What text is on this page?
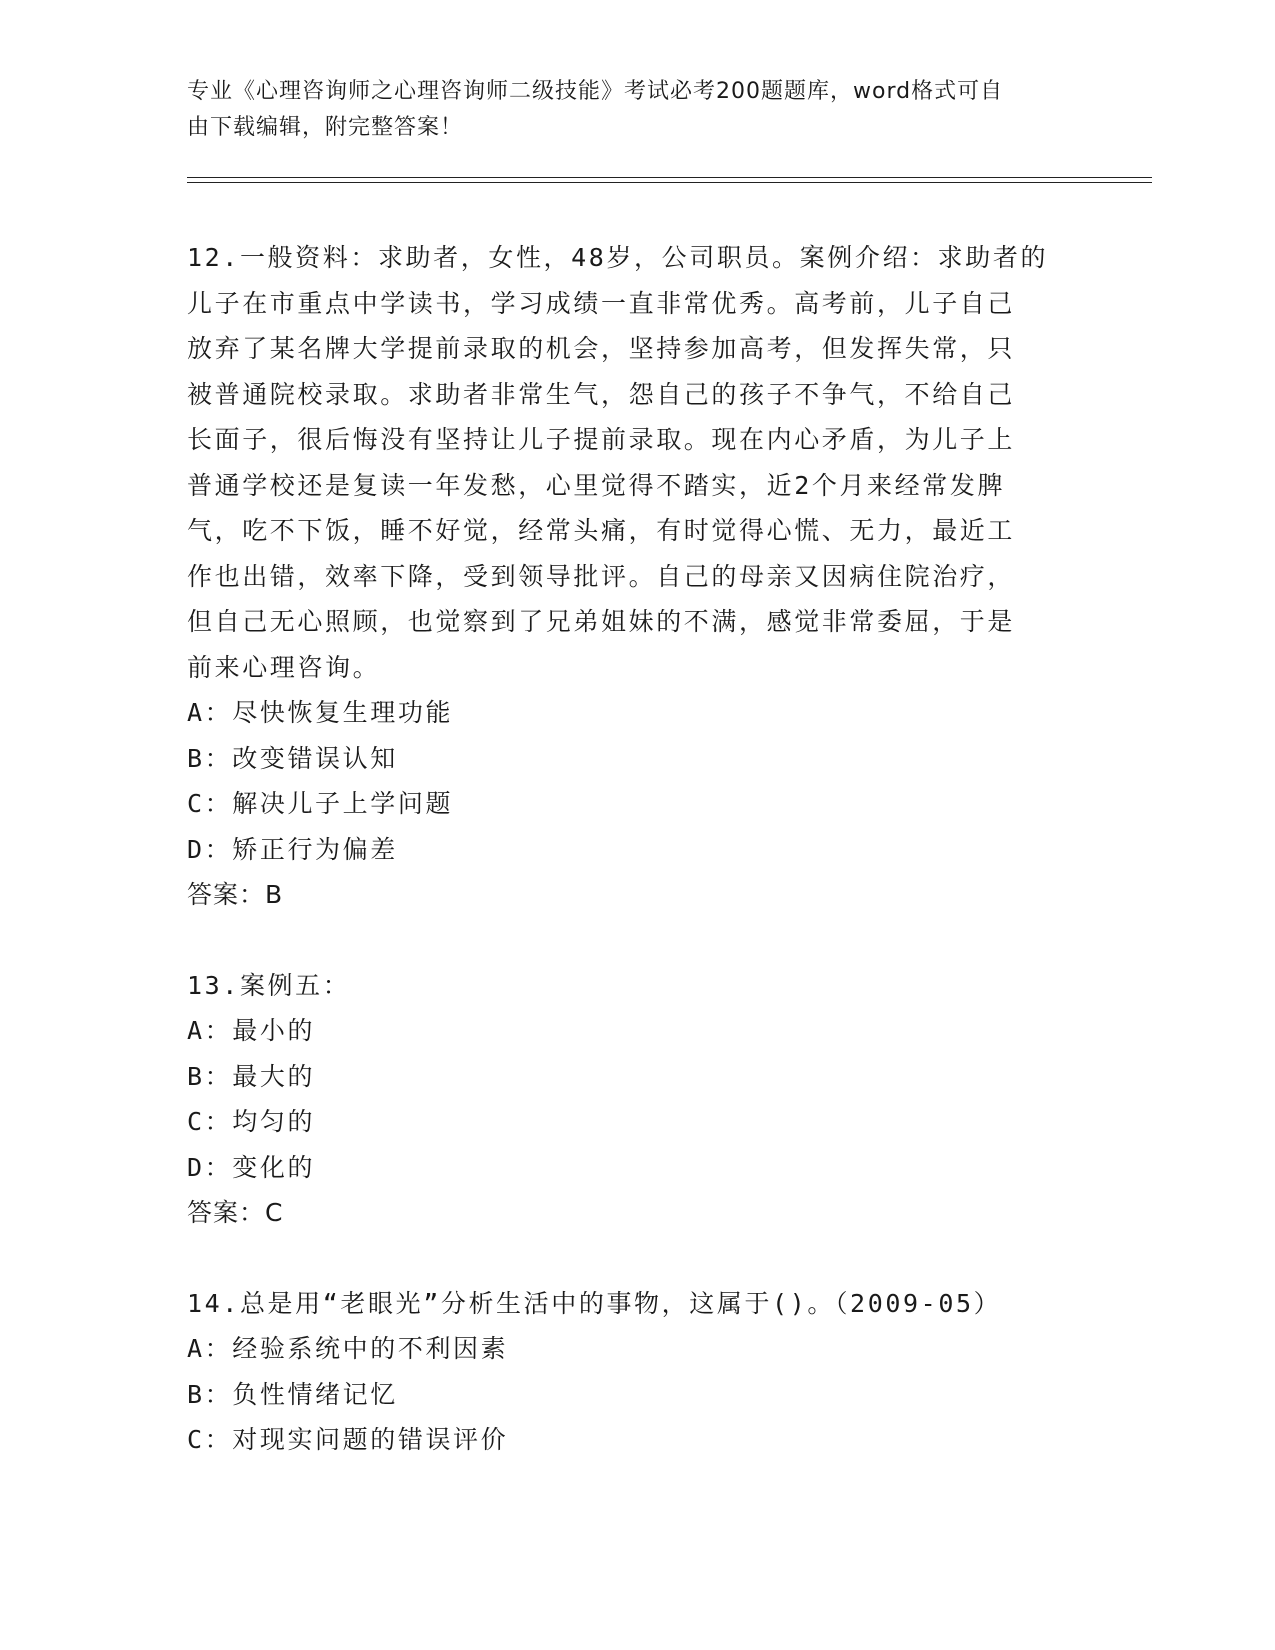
专业《心理咨询师之心理咨询师二级技能》考试必考200题题库，word格式可自
由下载编辑，附完整答案！
12.一般资料：求助者，女性，48岁，公司职员。案例介绍：求助者的
儿子在市重点中学读书，学习成绩一直非常优秀。高考前，儿子自己
放弃了某名牌大学提前录取的机会，坚持参加高考，但发挥失常，只
被普通院校录取。求助者非常生气，怨自己的孩子不争气，不给自己
长面子，很后悔没有坚持让儿子提前录取。现在内心矛盾，为儿子上
普通学校还是复读一年发愁，心里觉得不踏实，近2个月来经常发脾
气，吃不下饭，睡不好觉，经常头痛，有时觉得心慌、无力，最近工
作也出错，效率下降，受到领导批评。自己的母亲又因病住院治疗，
但自己无心照顾，也觉察到了兄弟姐妹的不满，感觉非常委屈，于是
前来心理咨询。
A：尽快恢复生理功能
B：改变错误认知
C：解决儿子上学问题
D：矫正行为偏差
答案：B
13.案例五：
A：最小的
B：最大的
C：均匀的
D：变化的
答案：C
14.总是用“老眼光”分析生活中的事物，这属于()。（2009-05）
A：经验系统中的不利因素
B：负性情绪记忆
C：对现实问题的错误评价
